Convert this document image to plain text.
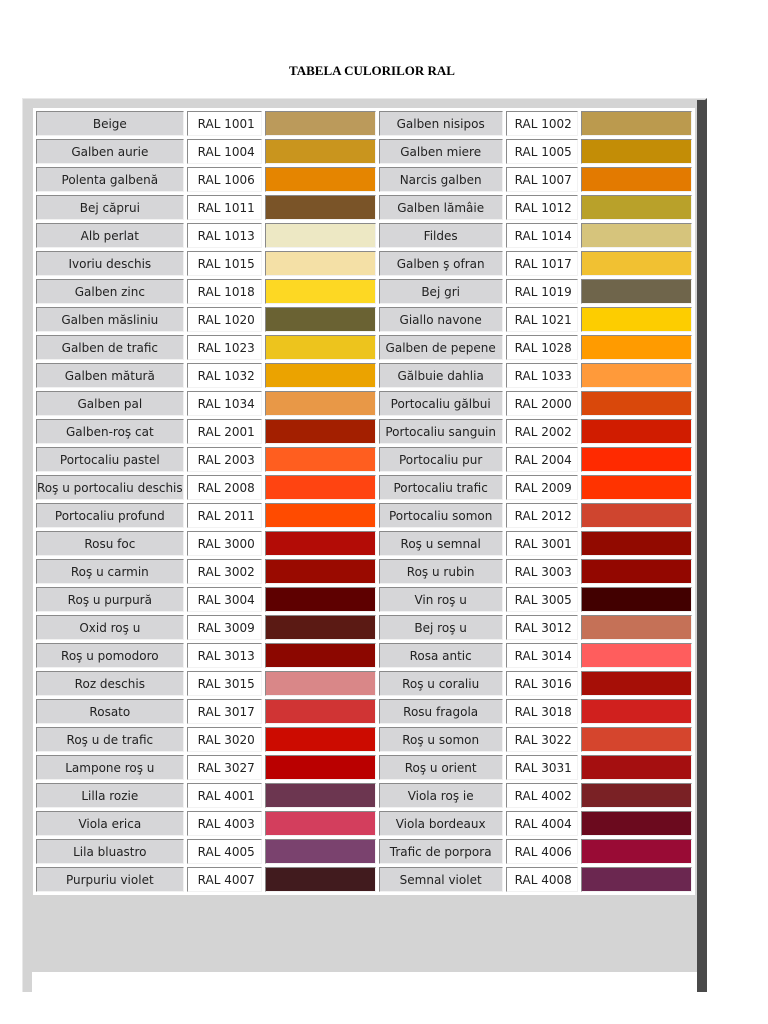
TABELA CULORILOR RAL
Beige	RAL 1001		Galben nisipos	RAL 1002	
Galben aurie	RAL 1004		Galben miere	RAL 1005	
Polenta galbenă	RAL 1006		Narcis galben	RAL 1007	
Bej căprui	RAL 1011		Galben lămâie	RAL 1012	
Alb perlat	RAL 1013		Fildes	RAL 1014	
Ivoriu deschis	RAL 1015		Galben ş ofran	RAL 1017	
Galben zinc	RAL 1018		Bej gri	RAL 1019	
Galben măsliniu	RAL 1020		Giallo navone	RAL 1021	
Galben de trafic	RAL 1023		Galben de pepene	RAL 1028	
Galben mătură	RAL 1032		Gălbuie dahlia	RAL 1033	
Galben pal	RAL 1034		Portocaliu gălbui	RAL 2000	
Galben-roş cat	RAL 2001		Portocaliu sanguin	RAL 2002	
Portocaliu pastel	RAL 2003		Portocaliu pur	RAL 2004	
Roş u portocaliu deschis	RAL 2008		Portocaliu trafic	RAL 2009	
Portocaliu profund	RAL 2011		Portocaliu somon	RAL 2012	
Rosu foc	RAL 3000		Roş u semnal	RAL 3001	
Roş u carmin	RAL 3002		Roş u rubin	RAL 3003	
Roş u purpură	RAL 3004		Vin roş u	RAL 3005	
Oxid roş u	RAL 3009		Bej roş u	RAL 3012	
Roş u pomodoro	RAL 3013		Rosa antic	RAL 3014	
Roz deschis	RAL 3015		Roş u coraliu	RAL 3016	
Rosato	RAL 3017		Rosu fragola	RAL 3018	
Roş u de trafic	RAL 3020		Roş u somon	RAL 3022	
Lampone roş u	RAL 3027		Roş u orient	RAL 3031	
Lilla rozie	RAL 4001		Viola roş ie	RAL 4002	
Viola erica	RAL 4003		Viola bordeaux	RAL 4004	
Lila bluastro	RAL 4005		Trafic de porpora	RAL 4006	
Purpuriu violet	RAL 4007		Semnal violet	RAL 4008	
